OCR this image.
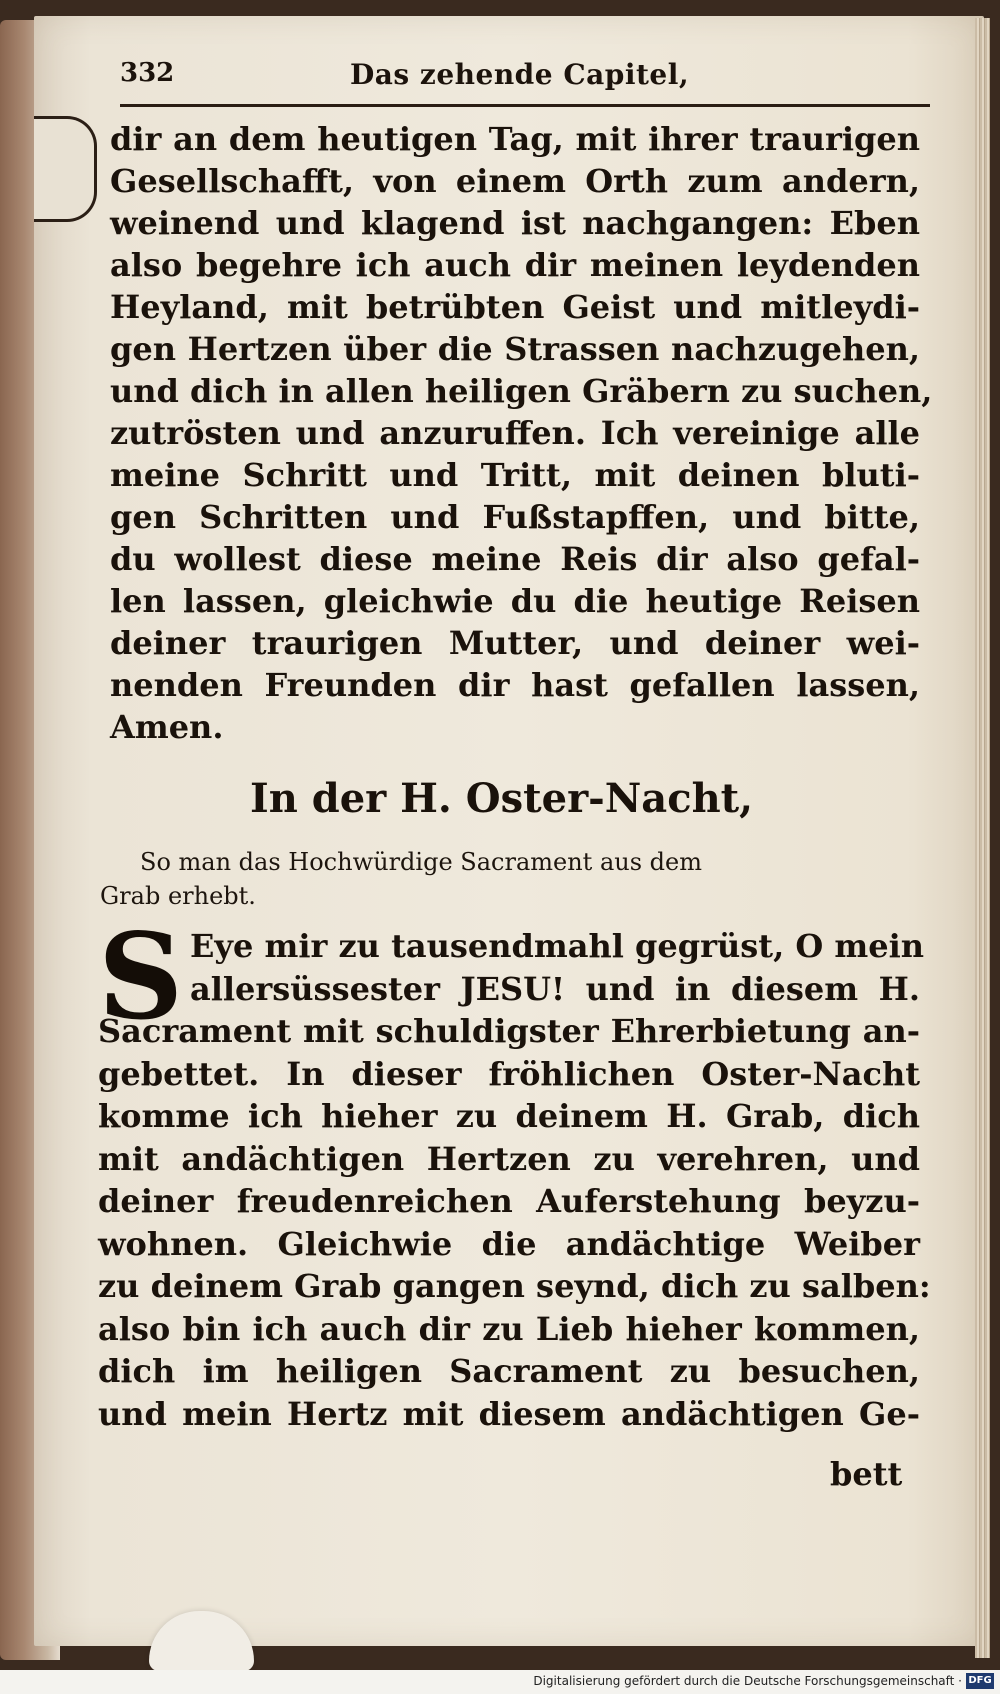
332	Das zehende Capitel,
dir an dem heutigen Tag, mit ihrer traurigen
Gesellschafft, von einem Orth zum andern,
weinend und klagend ist nachgangen: Eben
also begehre ich auch dir meinen leydenden
Heyland, mit betrübten Geist und mitleydi-
gen Hertzen über die Strassen nachzugehen,
und dich in allen heiligen Gräbern zu suchen,
zutrösten und anzuruffen. Ich vereinige alle
meine Schritt und Tritt, mit deinen bluti-
gen Schritten und Fußstapffen, und bitte,
du wollest diese meine Reis dir also gefal-
len lassen, gleichwie du die heutige Reisen
deiner traurigen Mutter, und deiner wei-
nenden Freunden dir hast gefallen lassen,
Amen.
In der H. Oster-Nacht,
So man das Hochwürdige Sacrament aus dem
Grab erhebt.
S Eye mir zu tausendmahl gegrüst, O mein
allersüssester JESU! und in diesem H.
Sacrament mit schuldigster Ehrerbietung an-
gebettet. In dieser fröhlichen Oster-Nacht
komme ich hieher zu deinem H. Grab, dich
mit andächtigen Hertzen zu verehren, und
deiner freudenreichen Auferstehung beyzu-
wohnen. Gleichwie die andächtige Weiber
zu deinem Grab gangen seynd, dich zu salben:
also bin ich auch dir zu Lieb hieher kommen,
dich im heiligen Sacrament zu besuchen,
und mein Hertz mit diesem andächtigen Ge-
bett
Digitalisierung gefördert durch die Deutsche Forschungsgemeinschaft · DFG
